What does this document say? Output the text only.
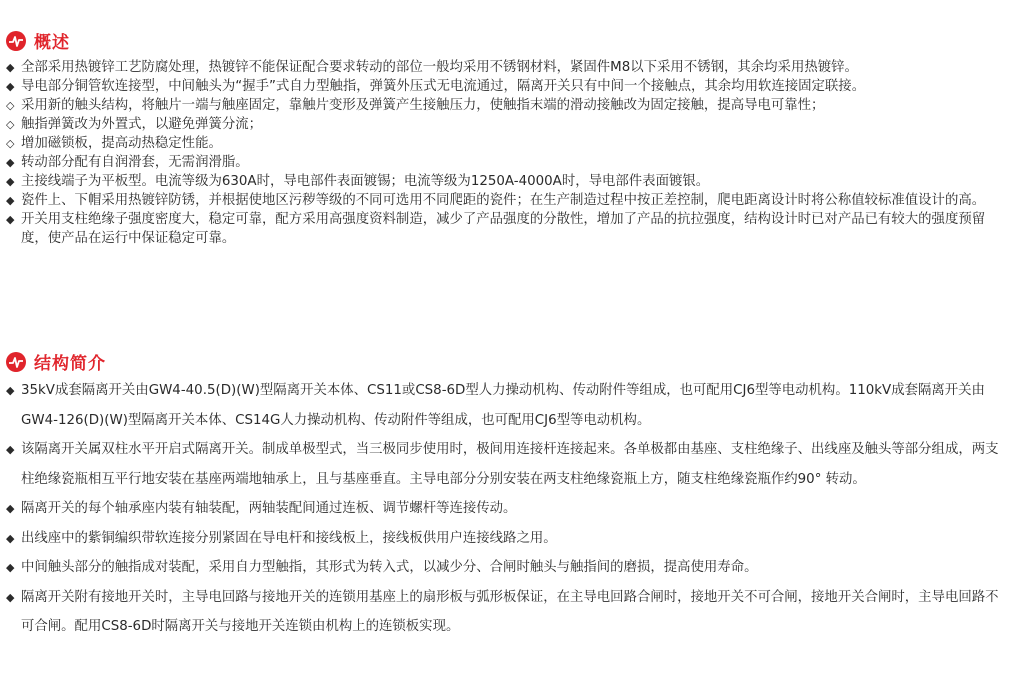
概述
◆ 全部采用热镀锌工艺防腐处理，热镀锌不能保证配合要求转动的部位一般均采用不锈钢材料，紧固件M8以下采用不锈钢，其余均采用热镀锌。
◆ 导电部分铜管软连接型，中间触头为“握手”式自力型触指，弹簧外压式无电流通过，隔离开关只有中间一个接触点，其余均用软连接固定联接。
◇ 采用新的触头结构，将触片一端与触座固定，靠触片变形及弹簧产生接触压力，使触指末端的滑动接触改为固定接触，提高导电可靠性；
◇ 触指弹簧改为外置式，以避免弹簧分流；
◇ 增加磁锁板，提高动热稳定性能。
◆ 转动部分配有自润滑套，无需润滑脂。
◆ 主接线端子为平板型。电流等级为630A时，导电部件表面镀锡；电流等级为1250A-4000A时，导电部件表面镀银。
◆ 瓷件上、下帽采用热镀锌防锈，并根据使地区污秽等级的不同可选用不同爬距的瓷件；在生产制造过程中按正差控制，爬电距离设计时将公称值较标准值设计的高。
◆ 开关用支柱绝缘子强度密度大，稳定可靠，配方采用高强度资料制造，减少了产品强度的分散性，增加了产品的抗拉强度，结构设计时已对产品已有较大的强度预留度，使产品在运行中保证稳定可靠。
结构简介
◆ 35kV成套隔离开关由GW4-40.5(D)(W)型隔离开关本体、CS11或CS8-6D型人力操动机构、传动附件等组成，也可配用CJ6型等电动机构。110kV成套隔离开关由GW4-126(D)(W)型隔离开关本体、CS14G人力操动机构、传动附件等组成，也可配用CJ6型等电动机构。
◆ 该隔离开关属双柱水平开启式隔离开关。制成单极型式，当三极同步使用时，极间用连接杆连接起来。各单极都由基座、支柱绝缘子、出线座及触头等部分组成，两支柱绝缘瓷瓶相互平行地安装在基座两端地轴承上，且与基座垂直。主导电部分分别安装在两支柱绝缘瓷瓶上方，随支柱绝缘瓷瓶作约90° 转动。
◆ 隔离开关的每个轴承座内装有轴装配，两轴装配间通过连板、调节螺杆等连接传动。
◆ 出线座中的紫铜编织带软连接分别紧固在导电杆和接线板上，接线板供用户连接线路之用。
◆ 中间触头部分的触指成对装配，采用自力型触指，其形式为转入式，以减少分、合闸时触头与触指间的磨损，提高使用寿命。
◆ 隔离开关附有接地开关时，主导电回路与接地开关的连锁用基座上的扇形板与弧形板保证，在主导电回路合闸时，接地开关不可合闸，接地开关合闸时，主导电回路不可合闸。配用CS8-6D时隔离开关与接地开关连锁由机构上的连锁板实现。
